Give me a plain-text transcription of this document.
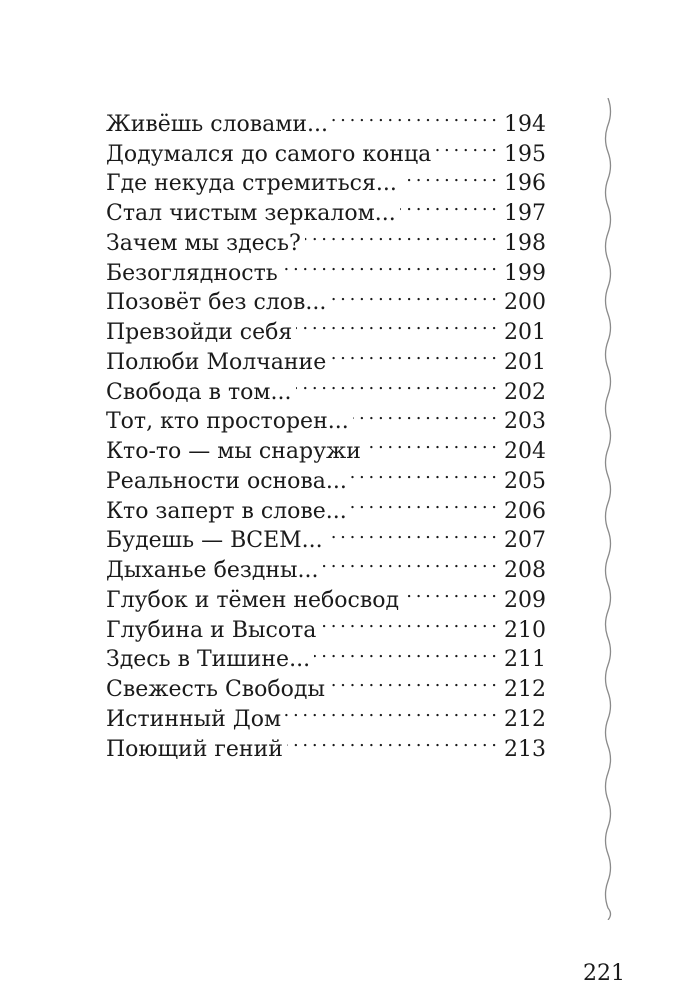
Живёшь словами... . . .	194
Додумался до самого конца . . .	195
Где некуда стремиться... . . .	196
Стал чистым зеркалом... . . .	197
Зачем мы здесь? . . .	198
Безоглядность . . .	199
Позовёт без слов... . . .	200
Превзойди себя . . .	201
Полюби Молчание . . .	201
Свобода в том... . . .	202
Тот, кто просторен... . . .	203
Кто-то — мы снаружи . . .	204
Реальности основа... . . .	205
Кто заперт в слове... . . .	206
Будешь — ВСЕМ... . . .	207
Дыханье бездны... . . .	208
Глубок и тёмен небосвод . . .	209
Глубина и Высота . . .	210
Здесь в Тишине... . . .	211
Свежесть Свободы . . .	212
Истинный Дом . . .	212
Поющий гений . . .	213
221
